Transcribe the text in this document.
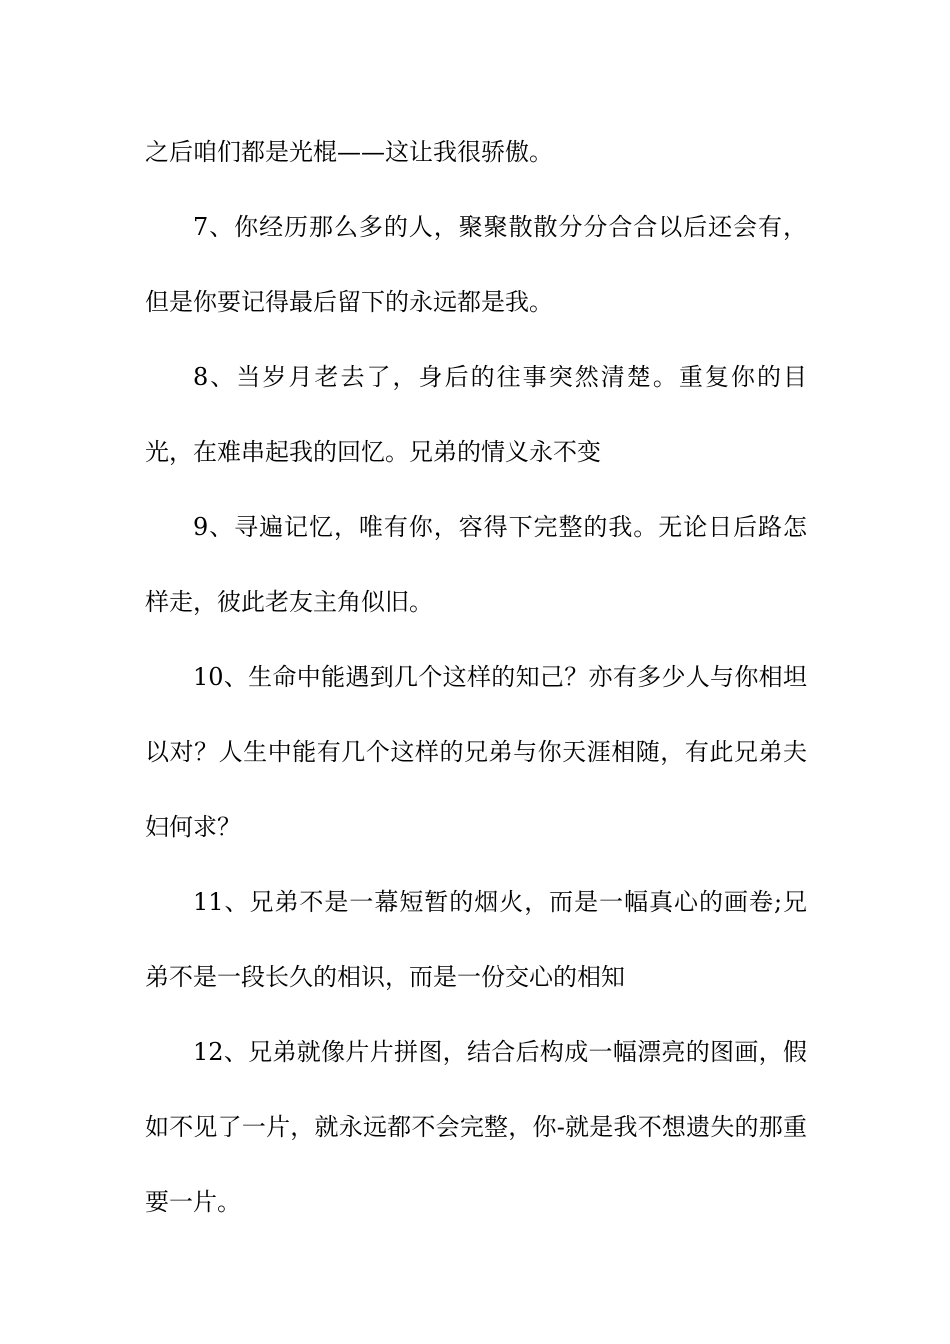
之后咱们都是光棍——这让我很骄傲。

7、你经历那么多的人，聚聚散散分分合合以后还会有，但是你要记得最后留下的永远都是我。

8、当岁月老去了，身后的往事突然清楚。重复你的目光，在难串起我的回忆。兄弟的情义永不变

9、寻遍记忆，唯有你，容得下完整的我。无论日后路怎样走，彼此老友主角似旧。

10、生命中能遇到几个这样的知己？亦有多少人与你相坦以对？人生中能有几个这样的兄弟与你天涯相随，有此兄弟夫妇何求？

11、兄弟不是一幕短暂的烟火，而是一幅真心的画卷;兄弟不是一段长久的相识，而是一份交心的相知

12、兄弟就像片片拼图，结合后构成一幅漂亮的图画，假如不见了一片，就永远都不会完整，你-就是我不想遗失的那重要一片。
